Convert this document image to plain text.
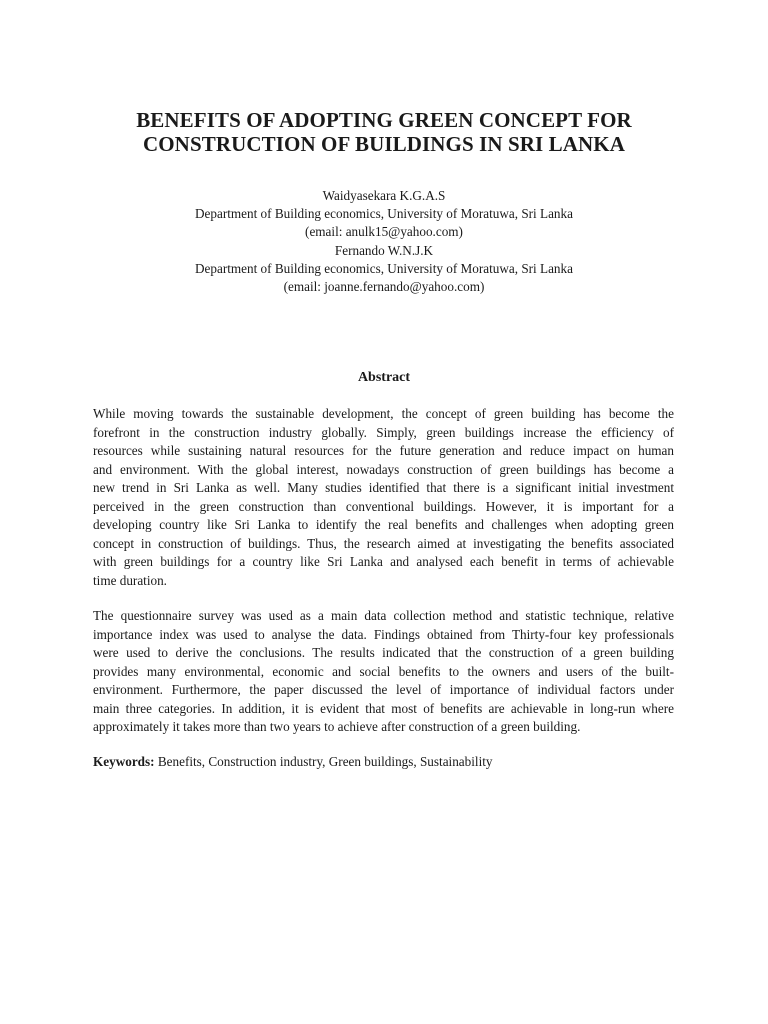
BENEFITS OF ADOPTING GREEN CONCEPT FOR
CONSTRUCTION OF BUILDINGS IN SRI LANKA
Waidyasekara K.G.A.S
Department of Building economics, University of Moratuwa, Sri Lanka
(email: anulk15@yahoo.com)
Fernando W.N.J.K
Department of Building economics, University of Moratuwa, Sri Lanka
(email: joanne.fernando@yahoo.com)
Abstract
While moving towards the sustainable development, the concept of green building has become the
forefront in the construction industry globally. Simply, green buildings increase the efficiency of
resources while sustaining natural resources for the future generation and reduce impact on human
and environment. With the global interest, nowadays construction of green buildings has become a
new trend in Sri Lanka as well. Many studies identified that there is a significant initial investment
perceived in the green construction than conventional buildings. However, it is important for a
developing country like Sri Lanka to identify the real benefits and challenges when adopting green
concept in construction of buildings. Thus, the research aimed at investigating the benefits associated
with green buildings for a country like Sri Lanka and analysed each benefit in terms of achievable
time duration.
The questionnaire survey was used as a main data collection method and statistic technique, relative
importance index was used to analyse the data. Findings obtained from Thirty-four key professionals
were used to derive the conclusions. The results indicated that the construction of a green building
provides many environmental, economic and social benefits to the owners and users of the built-
environment. Furthermore, the paper discussed the level of importance of individual factors under
main three categories. In addition, it is evident that most of benefits are achievable in long-run where
approximately it takes more than two years to achieve after construction of a green building.
Keywords: Benefits, Construction industry, Green buildings, Sustainability
